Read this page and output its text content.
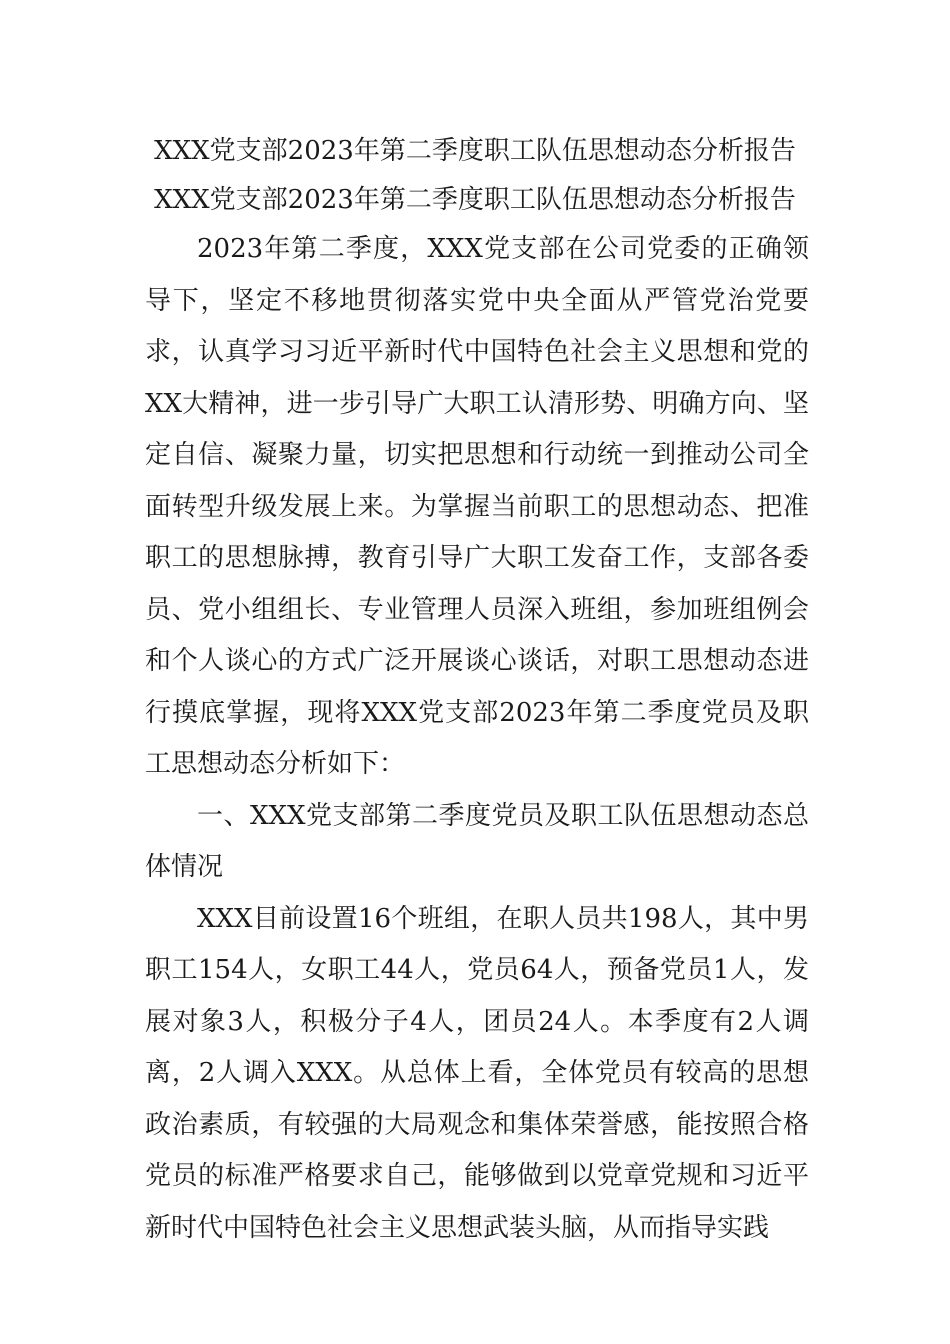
XXX党支部2023年第二季度职工队伍思想动态分析报告
XXX党支部2023年第二季度职工队伍思想动态分析报告

2023年第二季度，XXX党支部在公司党委的正确领导下，坚定不移地贯彻落实党中央全面从严管党治党要求，认真学习习近平新时代中国特色社会主义思想和党的XX大精神，进一步引导广大职工认清形势、明确方向、坚定自信、凝聚力量，切实把思想和行动统一到推动公司全面转型升级发展上来。为掌握当前职工的思想动态、把准职工的思想脉搏，教育引导广大职工发奋工作，支部各委员、党小组组长、专业管理人员深入班组，参加班组例会和个人谈心的方式广泛开展谈心谈话，对职工思想动态进行摸底掌握，现将XXX党支部2023年第二季度党员及职工思想动态分析如下：

一、XXX党支部第二季度党员及职工队伍思想动态总体情况

XXX目前设置16个班组，在职人员共198人，其中男职工154人，女职工44人，党员64人，预备党员1人，发展对象3人，积极分子4人，团员24人。本季度有2人调离，2人调入XXX。从总体上看，全体党员有较高的思想政治素质，有较强的大局观念和集体荣誉感，能按照合格党员的标准严格要求自己，能够做到以党章党规和习近平新时代中国特色社会主义思想武装头脑，从而指导实践
